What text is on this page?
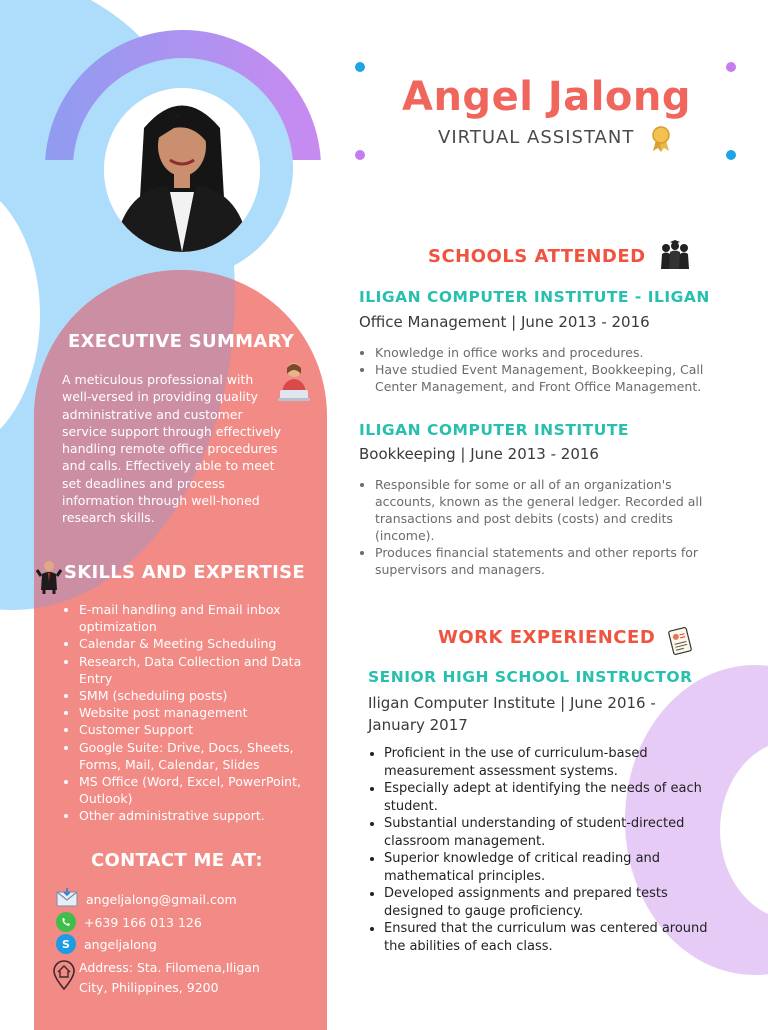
Angel Jalong
VIRTUAL ASSISTANT
EXECUTIVE SUMMARY
A meticulous professional with well-versed in providing quality administrative and customer service support through effectively handling remote office procedures and calls. Effectively able to meet set deadlines and process information through well-honed research skills.
SKILLS AND EXPERTISE
• E-mail handling and Email inbox optimization
• Calendar & Meeting Scheduling
• Research, Data Collection and Data Entry
• SMM (scheduling posts)
• Website post management
• Customer Support
• Google Suite: Drive, Docs, Sheets, Forms, Mail, Calendar, Slides
• MS Office (Word, Excel, PowerPoint, Outlook)
• Other administrative support.
CONTACT ME AT:
angeljalong@gmail.com
+639 166 013 126
S	angeljalong
Address: Sta. Filomena,Iligan City, Philippines, 9200
SCHOOLS ATTENDED
ILIGAN COMPUTER INSTITUTE - ILIGAN
Office Management | June 2013 - 2016
• Knowledge in office works and procedures.
• Have studied Event Management, Bookkeeping, Call Center Management, and Front Office Management.
ILIGAN COMPUTER INSTITUTE
Bookkeeping | June 2013 - 2016
• Responsible for some or all of an organization's accounts, known as the general ledger. Recorded all transactions and post debits (costs) and credits (income).
• Produces financial statements and other reports for supervisors and managers.
WORK EXPERIENCED
SENIOR HIGH SCHOOL INSTRUCTOR
Iligan Computer Institute | June 2016 - January 2017
• Proficient in the use of curriculum-based measurement assessment systems.
• Especially adept at identifying the needs of each student.
• Substantial understanding of student-directed classroom management.
• Superior knowledge of critical reading and mathematical principles.
• Developed assignments and prepared tests designed to gauge proficiency.
• Ensured that the curriculum was centered around the abilities of each class.
